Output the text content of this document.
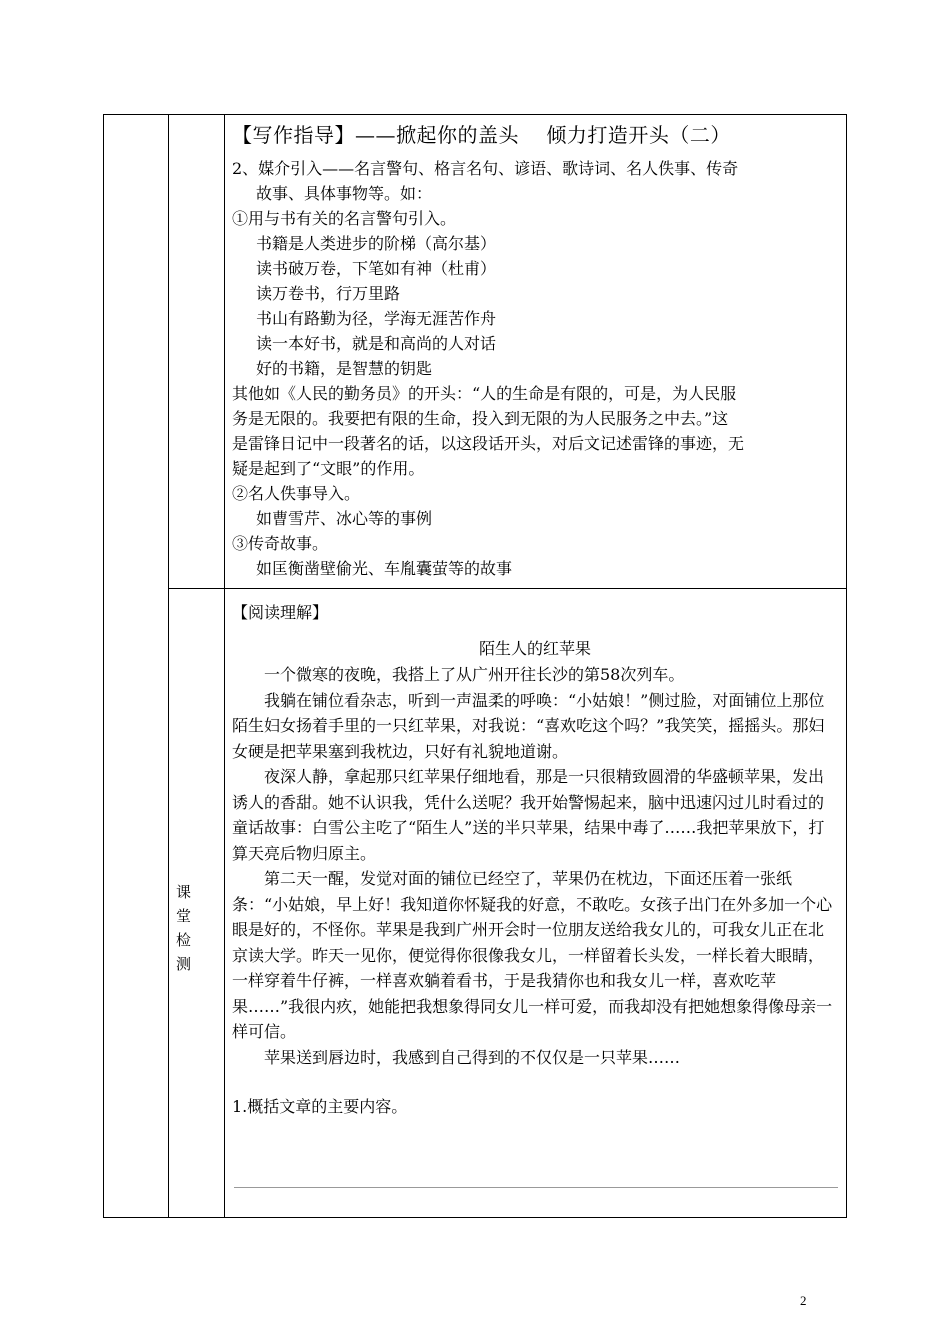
【写作指导】——掀起你的盖头    倾力打造开头（二）

2、媒介引入——名言警句、格言名句、谚语、歌诗词、名人佚事、传奇

故事、具体事物等。如：

①用与书有关的名言警句引入。

书籍是人类进步的阶梯（高尔基）

读书破万卷，下笔如有神（杜甫）

读万卷书，行万里路

书山有路勤为径，学海无涯苦作舟

读一本好书，就是和高尚的人对话

好的书籍，是智慧的钥匙

其他如《人民的勤务员》的开头：“人的生命是有限的，可是，为人民服

务是无限的。我要把有限的生命，投入到无限的为人民服务之中去。”这

是雷锋日记中一段著名的话，以这段话开头，对后文记述雷锋的事迹，无

疑是起到了“文眼”的作用。

②名人佚事导入。

如曹雪芹、冰心等的事例

③传奇故事。

如匡衡凿壁偷光、车胤囊萤等的故事

课 堂 检 测

【阅读理解】

陌生人的红苹果

一个微寒的夜晚，我搭上了从广州开往长沙的第58次列车。

我躺在铺位看杂志，听到一声温柔的呼唤：“小姑娘！”侧过脸，对面铺位上那位陌生妇女扬着手里的一只红苹果，对我说：“喜欢吃这个吗？”我笑笑，摇摇头。那妇女硬是把苹果塞到我枕边，只好有礼貌地道谢。

夜深人静，拿起那只红苹果仔细地看，那是一只很精致圆滑的华盛顿苹果，发出诱人的香甜。她不认识我，凭什么送呢？我开始警惕起来，脑中迅速闪过儿时看过的童话故事：白雪公主吃了“陌生人”送的半只苹果，结果中毒了……我把苹果放下，打算天亮后物归原主。

第二天一醒，发觉对面的铺位已经空了，苹果仍在枕边，下面还压着一张纸条：“小姑娘，早上好！我知道你怀疑我的好意，不敢吃。女孩子出门在外多加一个心眼是好的，不怪你。苹果是我到广州开会时一位朋友送给我女儿的，可我女儿正在北京读大学。昨天一见你，便觉得你很像我女儿，一样留着长头发，一样长着大眼睛，一样穿着牛仔裤，一样喜欢躺着看书，于是我猜你也和我女儿一样，喜欢吃苹果……”我很内疚，她能把我想象得同女儿一样可爱，而我却没有把她想象得像母亲一样可信。

苹果送到唇边时，我感到自己得到的不仅仅是一只苹果……

1.概括文章的主要内容。

2
